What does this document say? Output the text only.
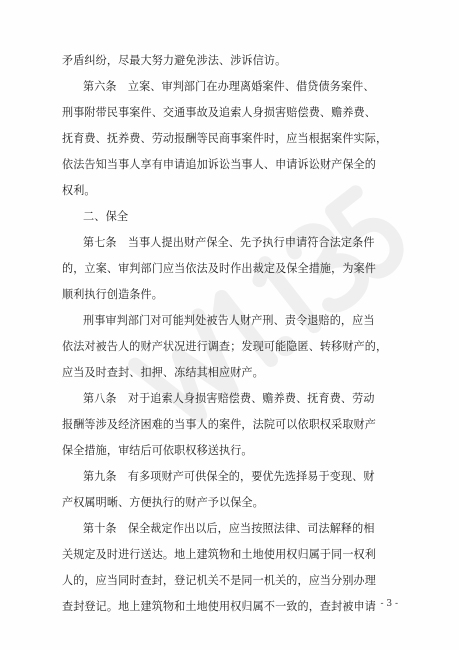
矛盾纠纷，尽最大努力避免涉法、涉诉信访。
第六条　立案、审判部门在办理离婚案件、借贷债务案件、
刑事附带民事案件、交通事故及追索人身损害赔偿费、赡养费、
抚育费、抚养费、劳动报酬等民商事案件时，应当根据案件实际，
依法告知当事人享有申请追加诉讼当事人、申请诉讼财产保全的
权利。
二、保全
第七条　当事人提出财产保全、先予执行申请符合法定条件
的，立案、审判部门应当依法及时作出裁定及保全措施，为案件
顺利执行创造条件。
刑事审判部门对可能判处被告人财产刑、责令退赔的，应当
依法对被告人的财产状况进行调查；发现可能隐匿、转移财产的，
应当及时查封、扣押、冻结其相应财产。
第八条　对于追索人身损害赔偿费、赡养费、抚育费、劳动
报酬等涉及经济困难的当事人的案件，法院可以依职权采取财产
保全措施，审结后可依职权移送执行。
第九条　有多项财产可供保全的，要优先选择易于变现、财
产权属明晰、方便执行的财产予以保全。
第十条　保全裁定作出以后，应当按照法律、司法解释的相
关规定及时进行送达。地上建筑物和土地使用权归属于同一权利
人的，应当同时查封，登记机关不是同一机关的，应当分别办理
查封登记。地上建筑物和土地使用权归属不一致的，查封被申请 - 3 -
